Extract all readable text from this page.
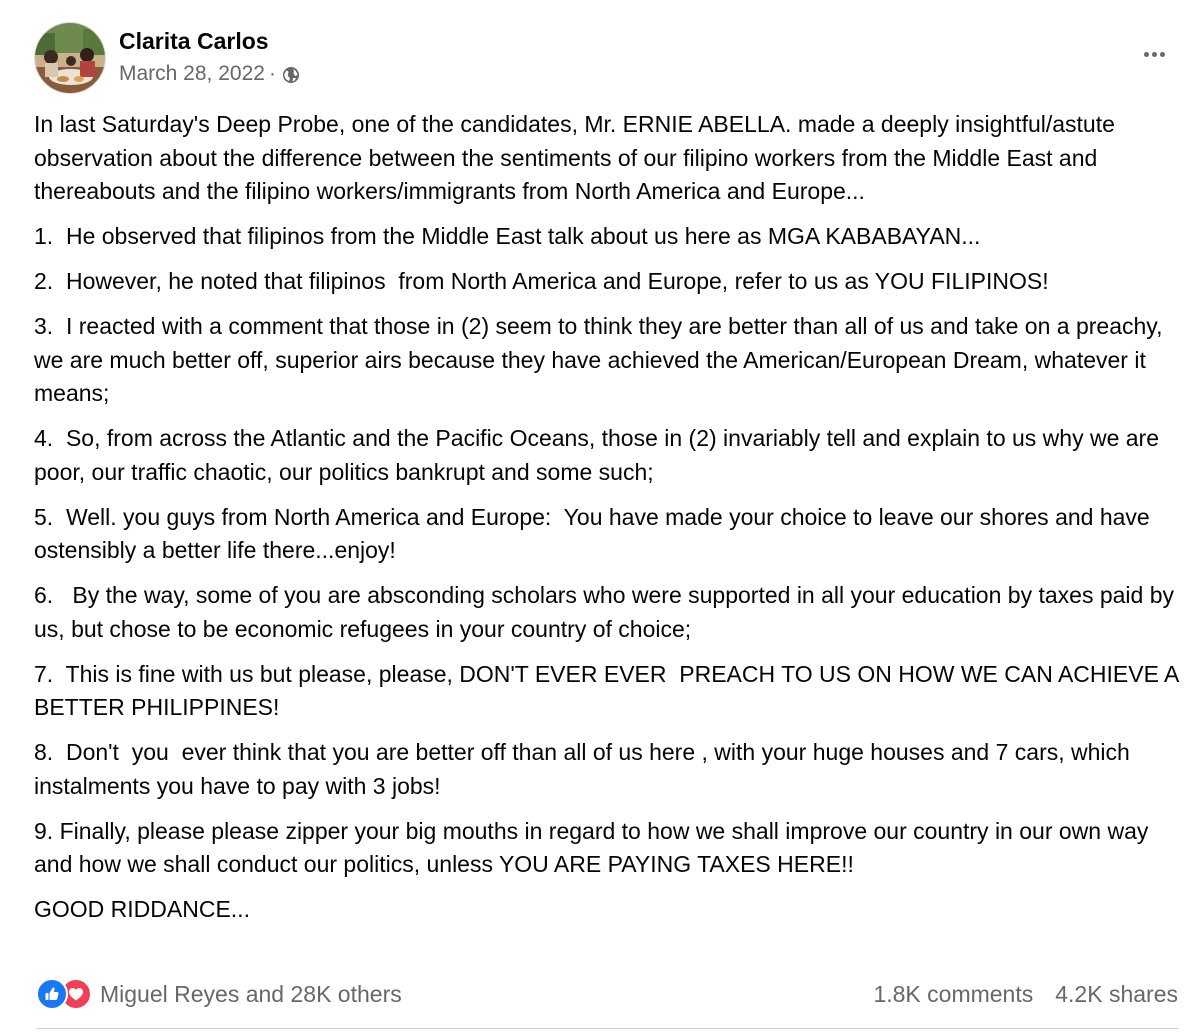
Clarita Carlos
March 28, 2022 ·

In last Saturday's Deep Probe, one of the candidates, Mr. ERNIE ABELLA. made a deeply insightful/astute observation about the difference between the sentiments of our filipino workers from the Middle East and thereabouts and the filipino workers/immigrants from North America and Europe...

1.  He observed that filipinos from the Middle East talk about us here as MGA KABABAYAN...

2.  However, he noted that filipinos  from North America and Europe, refer to us as YOU FILIPINOS!

3.  I reacted with a comment that those in (2) seem to think they are better than all of us and take on a preachy, we are much better off, superior airs because they have achieved the American/European Dream, whatever it means;

4.  So, from across the Atlantic and the Pacific Oceans, those in (2) invariably tell and explain to us why we are poor, our traffic chaotic, our politics bankrupt and some such;

5.  Well. you guys from North America and Europe:  You have made your choice to leave our shores and have ostensibly a better life there...enjoy!

6.   By the way, some of you are absconding scholars who were supported in all your education by taxes paid by us, but chose to be economic refugees in your country of choice;

7.  This is fine with us but please, please, DON'T EVER EVER  PREACH TO US ON HOW WE CAN ACHIEVE A BETTER PHILIPPINES!

8.  Don't  you  ever think that you are better off than all of us here , with your huge houses and 7 cars, which instalments you have to pay with 3 jobs!

9. Finally, please please zipper your big mouths in regard to how we shall improve our country in our own way and how we shall conduct our politics, unless YOU ARE PAYING TAXES HERE!!

GOOD RIDDANCE...

Miguel Reyes and 28K others	1.8K comments 4.2K shares
